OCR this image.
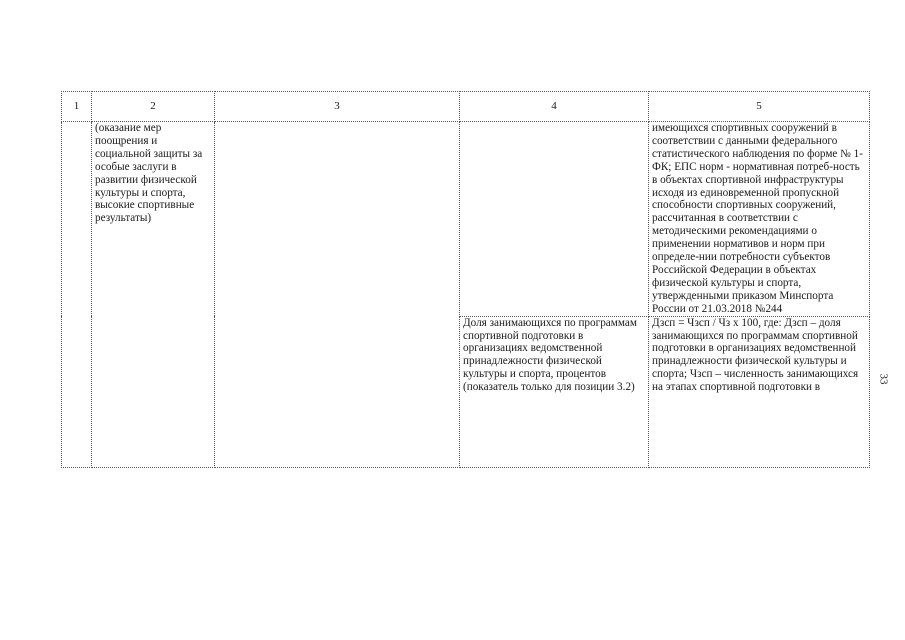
1	2	3	4	5
	(оказание мер поощрения и социальной защиты за особые заслуги в развитии физической культуры и спорта, высокие спортивные результаты)			имеющихся спортивных сооружений в соответствии с данными федерального статистического наблюдения по форме № 1-ФК; ЕПС норм - нормативная потреб-ность в объектах спортивной инфраструктуры исходя из единовременной пропускной способности спортивных сооружений, рассчитанная в соответствии с методическими рекомендациями о применении нормативов и норм при определе-нии потребности субъектов Российской Федерации в объектах физической культуры и спорта, утвержденными приказом Минспорта России от 21.03.2018 №244
			Доля занимающихся по программам спортивной подготовки в организациях ведомственной принадлежности физической культуры и спорта, процентов (показатель только для позиции 3.2)	Дзсп = Чзсп / Чз х 100, где: Дзсп – доля занимающихся по программам спортивной подготовки в организациях ведомственной принадлежности физической культуры и спорта; Чзсп – численность занимающихся на этапах спортивной подготовки в
33
